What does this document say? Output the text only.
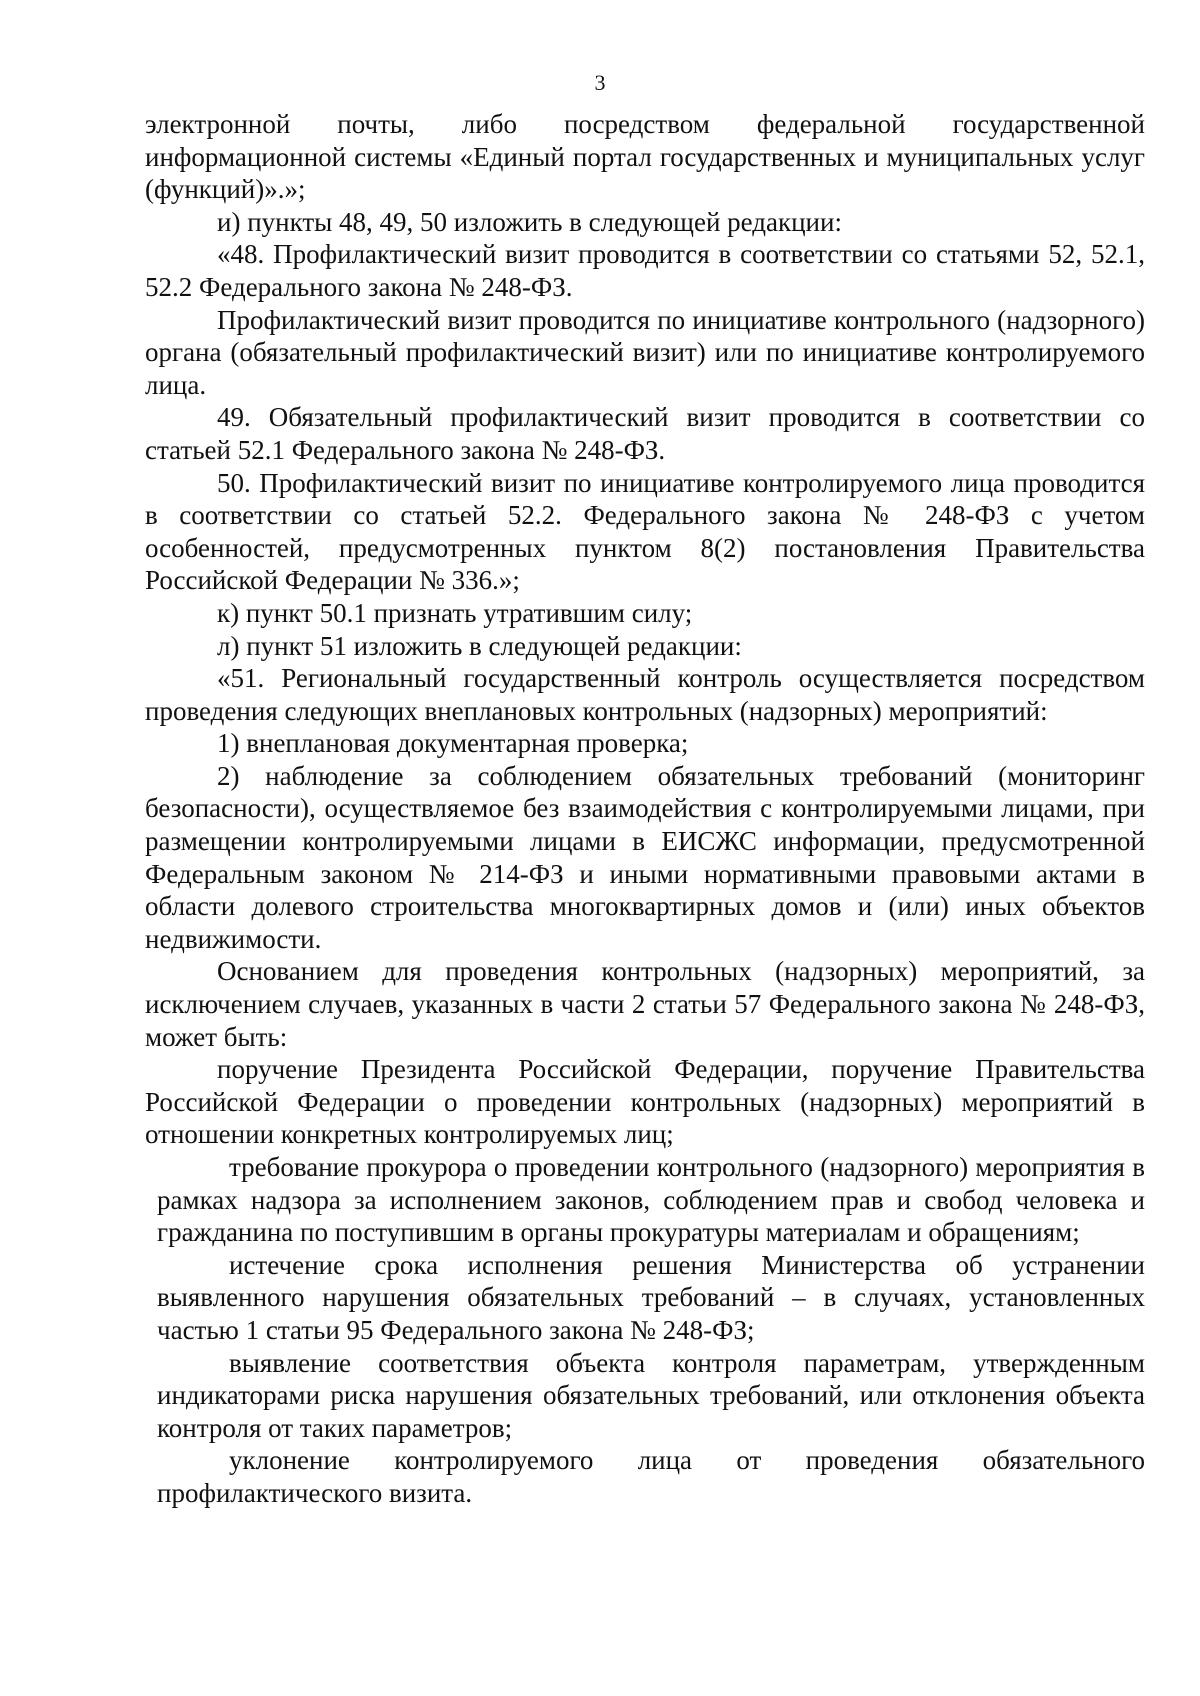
3

электронной почты, либо посредством федеральной государственной информационной системы «Единый портал государственных и муниципальных услуг (функций)».»;

и) пункты 48, 49, 50 изложить в следующей редакции:

«48. Профилактический визит проводится в соответствии со статьями 52, 52.1, 52.2 Федерального закона № 248-ФЗ.

Профилактический визит проводится по инициативе контрольного (надзорного) органа (обязательный профилактический визит) или по инициативе контролируемого лица.

49. Обязательный профилактический визит проводится в соответствии со статьей 52.1 Федерального закона № 248-ФЗ.

50. Профилактический визит по инициативе контролируемого лица проводится в соответствии со статьей 52.2. Федерального закона № 248-ФЗ с учетом особенностей, предусмотренных пунктом 8(2) постановления Правительства Российской Федерации № 336.»;

к) пункт 50.1 признать утратившим силу;

л) пункт 51 изложить в следующей редакции:

«51. Региональный государственный контроль осуществляется посредством проведения следующих внеплановых контрольных (надзорных) мероприятий:

1) внеплановая документарная проверка;

2) наблюдение за соблюдением обязательных требований (мониторинг безопасности), осуществляемое без взаимодействия с контролируемыми лицами, при размещении контролируемыми лицами в ЕИСЖС информации, предусмотренной Федеральным законом № 214-ФЗ и иными нормативными правовыми актами в области долевого строительства многоквартирных домов и (или) иных объектов недвижимости.

Основанием для проведения контрольных (надзорных) мероприятий, за исключением случаев, указанных в части 2 статьи 57 Федерального закона № 248-ФЗ, может быть:

поручение Президента Российской Федерации, поручение Правительства Российской Федерации о проведении контрольных (надзорных) мероприятий в отношении конкретных контролируемых лиц;

требование прокурора о проведении контрольного (надзорного) мероприятия в рамках надзора за исполнением законов, соблюдением прав и свобод человека и гражданина по поступившим в органы прокуратуры материалам и обращениям;

истечение срока исполнения решения Министерства об устранении выявленного нарушения обязательных требований – в случаях, установленных частью 1 статьи 95 Федерального закона № 248-ФЗ;

выявление соответствия объекта контроля параметрам, утвержденным индикаторами риска нарушения обязательных требований, или отклонения объекта контроля от таких параметров;

уклонение контролируемого лица от проведения обязательного профилактического визита.
